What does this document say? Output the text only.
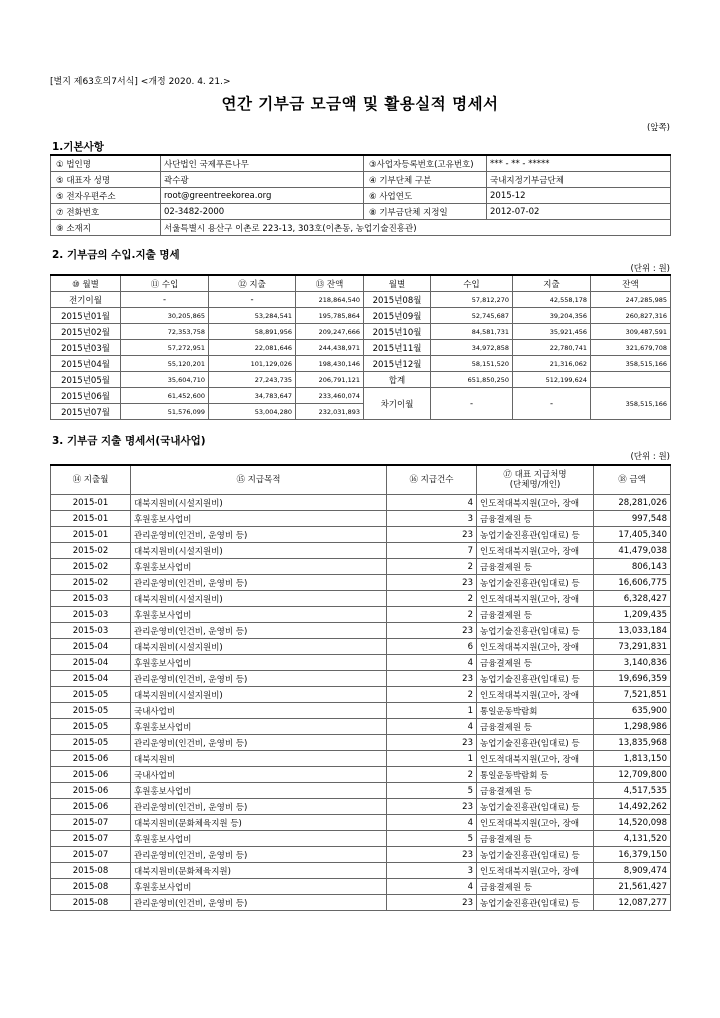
[별지 제63호의7서식] <개정 2020. 4. 21.>
연간 기부금 모금액 및 활용실적 명세서
(앞쪽)
1.기본사항
① 법인명	사단법인 국제푸른나무	③사업자등록번호(고유번호)	*** - ** - *****
⑤ 대표자 성명	곽수광	④ 기부단체 구분	국내지정기부금단체
⑤ 전자우편주소	root@greentreekorea.org	⑥ 사업연도	2015-12
⑦ 전화번호	02-3482-2000	⑧ 기부금단체 지정일	2012-07-02
⑨ 소재지	서울특별시 용산구 이촌로 223-13, 303호(이촌동, 농업기술진흥관)		
2. 기부금의 수입.지출 명세
(단위 : 원)
⑩ 월별	⑪ 수입	⑫ 지출	⑬ 잔액	월별	수입	지출	잔액
전기이월	-	-	218,864,540	2015년08월	57,812,270	42,558,178	247,285,985
2015년01월	30,205,865	53,284,541	195,785,864	2015년09월	52,745,687	39,204,356	260,827,316
2015년02월	72,353,758	58,891,956	209,247,666	2015년10월	84,581,731	35,921,456	309,487,591
2015년03월	57,272,951	22,081,646	244,438,971	2015년11월	34,972,858	22,780,741	321,679,708
2015년04월	55,120,201	101,129,026	198,430,146	2015년12월	58,151,520	21,316,062	358,515,166
2015년05월	35,604,710	27,243,735	206,791,121	합계	651,850,250	512,199,624	
2015년06월	61,452,600	34,783,647	233,460,074	차기이월	-	-	358,515,166
2015년07월	51,576,099	53,004,280	232,031,893				
3. 기부금 지출 명세서(국내사업)
(단위 : 원)
⑭ 지출월	⑮ 지급목적	⑯ 지급건수	⑰ 대표 지급처명
(단체명/개인)	⑱ 금액
2015-01	대북지원비(시설지원비)	4	인도적대북지원(고아, 장애	28,281,026
2015-01	후원홍보사업비	3	금융결제원 등	997,548
2015-01	관리운영비(인건비, 운영비 등)	23	농업기술진흥관(임대료) 등	17,405,340
2015-02	대북지원비(시설지원비)	7	인도적대북지원(고아, 장애	41,479,038
2015-02	후원홍보사업비	2	금융결제원 등	806,143
2015-02	관리운영비(인건비, 운영비 등)	23	농업기술진흥관(임대료) 등	16,606,775
2015-03	대북지원비(시설지원비)	2	인도적대북지원(고아, 장애	6,328,427
2015-03	후원홍보사업비	2	금융결제원 등	1,209,435
2015-03	관리운영비(인건비, 운영비 등)	23	농업기술진흥관(임대료) 등	13,033,184
2015-04	대북지원비(시설지원비)	6	인도적대북지원(고아, 장애	73,291,831
2015-04	후원홍보사업비	4	금융결제원 등	3,140,836
2015-04	관리운영비(인건비, 운영비 등)	23	농업기술진흥관(임대료) 등	19,696,359
2015-05	대북지원비(시설지원비)	2	인도적대북지원(고아, 장애	7,521,851
2015-05	국내사업비	1	통일운동박람회	635,900
2015-05	후원홍보사업비	4	금융결제원 등	1,298,986
2015-05	관리운영비(인건비, 운영비 등)	23	농업기술진흥관(임대료) 등	13,835,968
2015-06	대북지원비	1	인도적대북지원(고아, 장애	1,813,150
2015-06	국내사업비	2	통일운동박람회 등	12,709,800
2015-06	후원홍보사업비	5	금융결제원 등	4,517,535
2015-06	관리운영비(인건비, 운영비 등)	23	농업기술진흥관(임대료) 등	14,492,262
2015-07	대북지원비(문화체육지원 등)	4	인도적대북지원(고아, 장애	14,520,098
2015-07	후원홍보사업비	5	금융결제원 등	4,131,520
2015-07	관리운영비(인건비, 운영비 등)	23	농업기술진흥관(임대료) 등	16,379,150
2015-08	대북지원비(문화체육지원)	3	인도적대북지원(고아, 장애	8,909,474
2015-08	후원홍보사업비	4	금융결제원 등	21,561,427
2015-08	관리운영비(인건비, 운영비 등)	23	농업기술진흥관(임대료) 등	12,087,277
